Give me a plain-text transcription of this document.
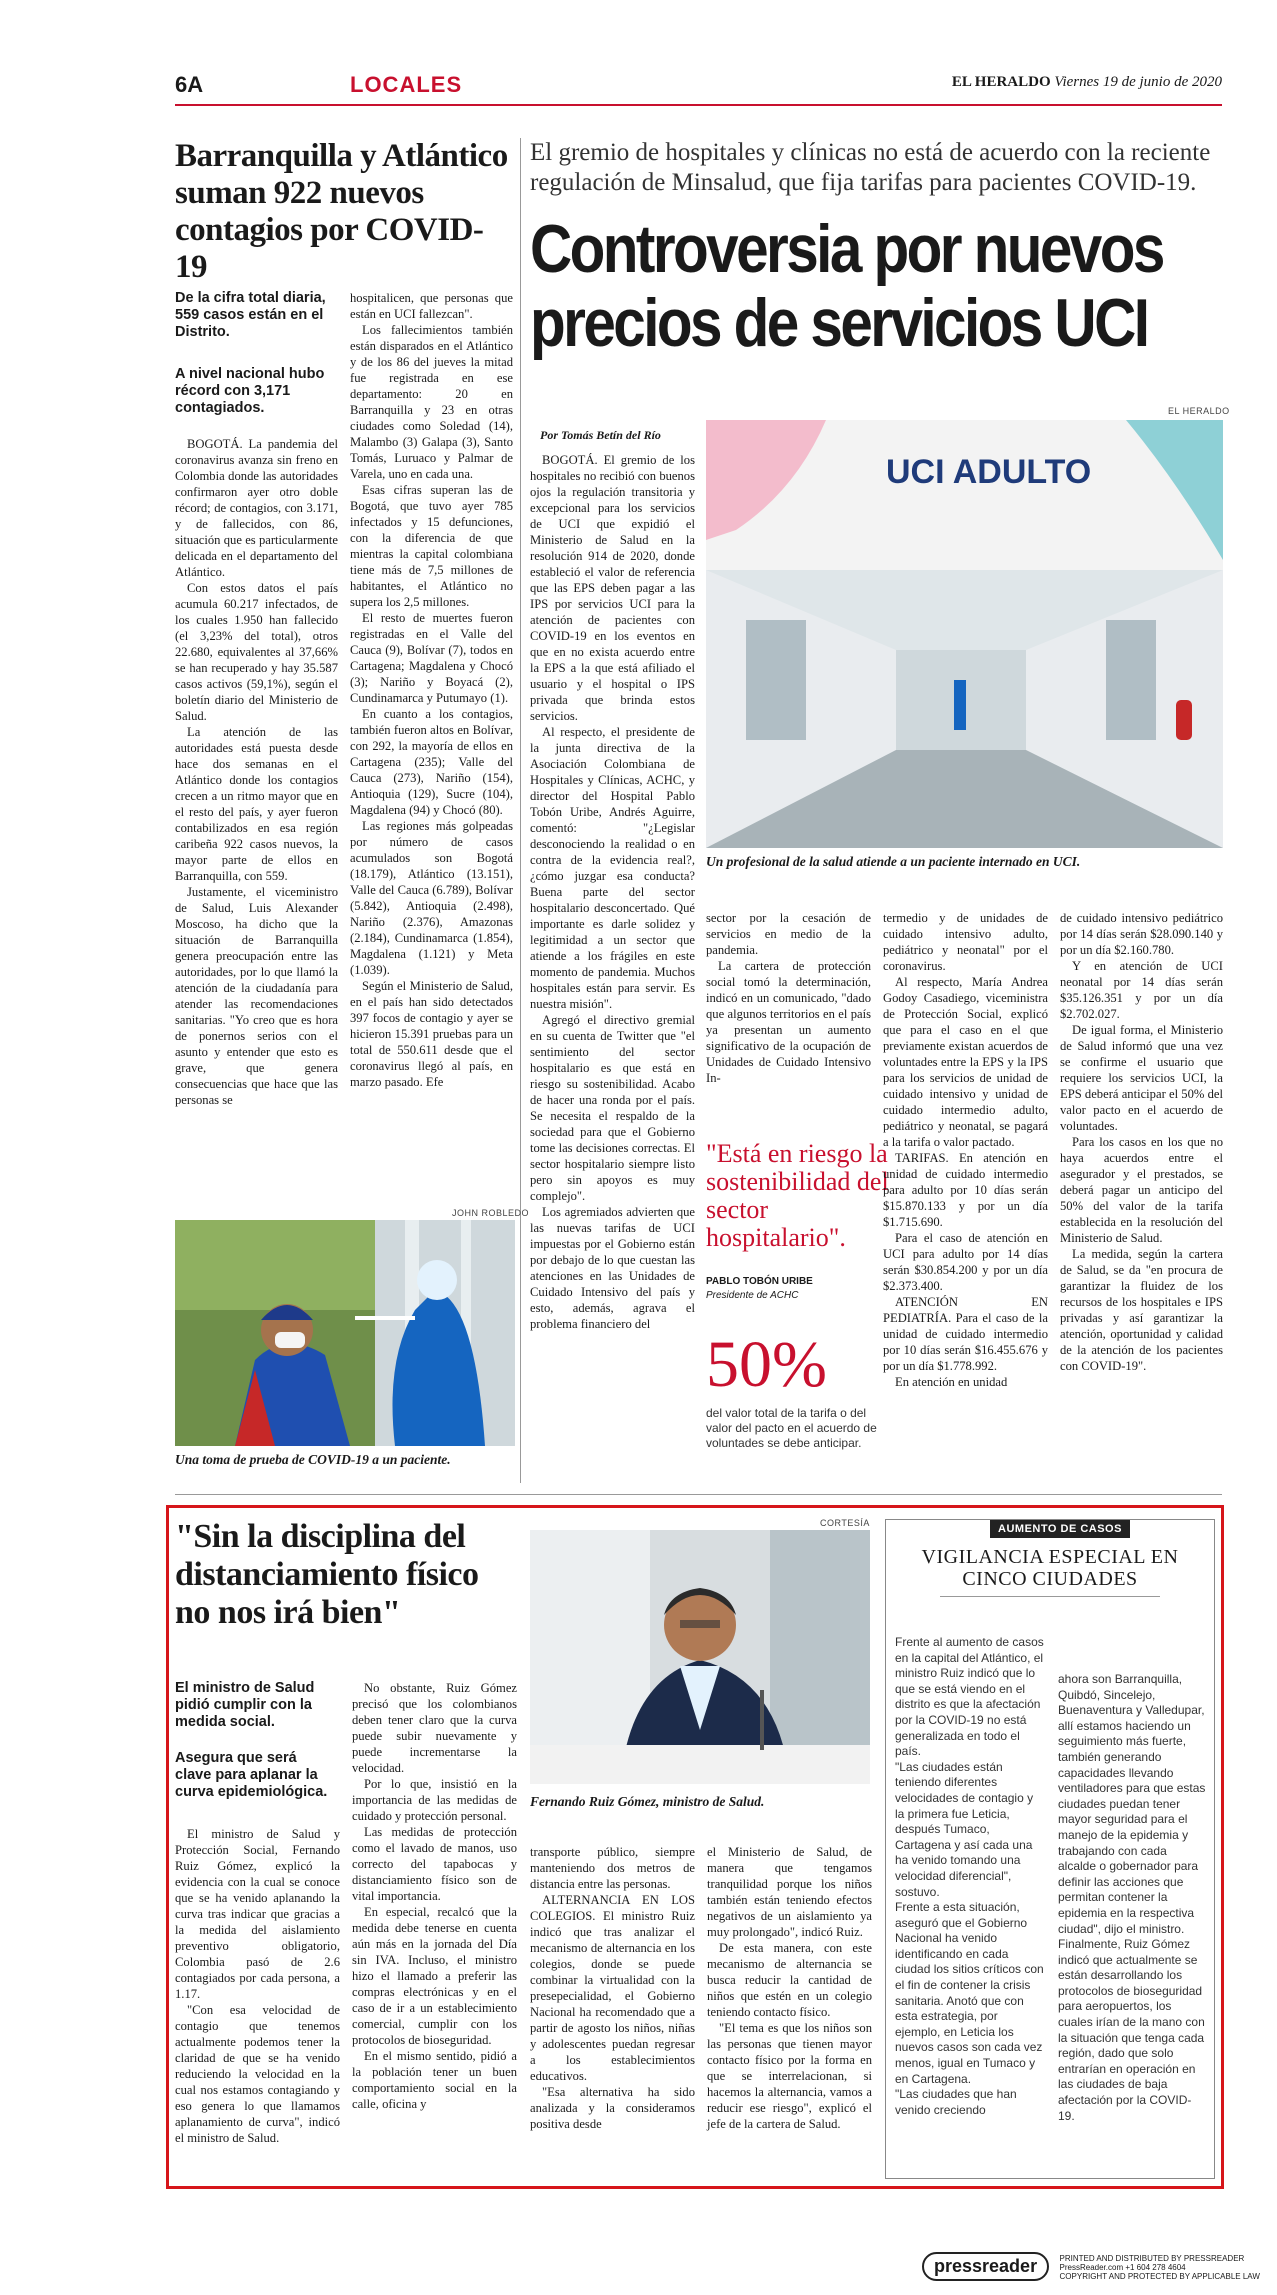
6A	LOCALES	EL HERALDO Viernes 19 de junio de 2020
Barranquilla y Atlántico suman 922 nuevos contagios por COVID-19
De la cifra total diaria, 559 casos están en el Distrito.
A nivel nacional hubo récord con 3,171 contagiados.

BOGOTÁ. La pandemia del coronavirus avanza sin freno en Colombia donde las autoridades confirmaron ayer otro doble récord; de contagios, con 3.171, y de fallecidos, con 86, situación que es particularmente delicada en el departamento del Atlántico.

Con estos datos el país acumula 60.217 infectados, de los cuales 1.950 han fallecido (el 3,23% del total), otros 22.680, equivalentes al 37,66% se han recuperado y hay 35.587 casos activos (59,1%), según el boletín diario del Ministerio de Salud.

La atención de las autoridades está puesta desde hace dos semanas en el Atlántico donde los contagios crecen a un ritmo mayor que en el resto del país, y ayer fueron contabilizados en esa región caribeña 922 casos nuevos, la mayor parte de ellos en Barranquilla, con 559.

Justamente, el viceministro de Salud, Luis Alexander Moscoso, ha dicho que la situación de Barranquilla genera preocupación entre las autoridades, por lo que llamó la atención de la ciudadanía para atender las recomendaciones sanitarias. "Yo creo que es hora de ponernos serios con el asunto y entender que esto es grave, que genera consecuencias que hace que las personas se

hospitalicen, que personas que están en UCI fallezcan".

Los fallecimientos también están disparados en el Atlántico y de los 86 del jueves la mitad fue registrada en ese departamento: 20 en Barranquilla y 23 en otras ciudades como Soledad (14), Malambo (3) Galapa (3), Santo Tomás, Luruaco y Palmar de Varela, uno en cada una.

Esas cifras superan las de Bogotá, que tuvo ayer 785 infectados y 15 defunciones, con la diferencia de que mientras la capital colombiana tiene más de 7,5 millones de habitantes, el Atlántico no supera los 2,5 millones.

El resto de muertes fueron registradas en el Valle del Cauca (9), Bolívar (7), todos en Cartagena; Magdalena y Chocó (3); Nariño y Boyacá (2), Cundinamarca y Putumayo (1).

En cuanto a los contagios, también fueron altos en Bolívar, con 292, la mayoría de ellos en Cartagena (235); Valle del Cauca (273), Nariño (154), Antioquia (129), Sucre (104), Magdalena (94) y Chocó (80).

Las regiones más golpeadas por número de casos acumulados son Bogotá (18.179), Atlántico (13.151), Valle del Cauca (6.789), Bolívar (5.842), Antioquia (2.498), Nariño (2.376), Amazonas (2.184), Cundinamarca (1.854), Magdalena (1.121) y Meta (1.039).

Según el Ministerio de Salud, en el país han sido detectados 397 focos de contagio y ayer se hicieron 15.391 pruebas para un total de 550.611 desde que el coronavirus llegó al país, en marzo pasado. Efe

JOHN ROBLEDO
Una toma de prueba de COVID-19 a un paciente.
El gremio de hospitales y clínicas no está de acuerdo con la reciente regulación de Minsalud, que fija tarifas para pacientes COVID-19.
Controversia por nuevos
precios de servicios UCI
EL HERALDO
Por Tomás Betín del Río
UCI ADULTO
Un profesional de la salud atiende a un paciente internado en UCI.

BOGOTÁ. El gremio de los hospitales no recibió con buenos ojos la regulación transitoria y excepcional para los servicios de UCI que expidió el Ministerio de Salud en la resolución 914 de 2020, donde estableció el valor de referencia que las EPS deben pagar a las IPS por servicios UCI para la atención de pacientes con COVID-19 en los eventos en que en no exista acuerdo entre la EPS a la que está afiliado el usuario y el hospital o IPS privada que brinda estos servicios.

Al respecto, el presidente de la junta directiva de la Asociación Colombiana de Hospitales y Clínicas, ACHC, y director del Hospital Pablo Tobón Uribe, Andrés Aguirre, comentó: "¿Legislar desconociendo la realidad o en contra de la evidencia real?, ¿cómo juzgar esa conducta? Buena parte del sector hospitalario desconcertado. Qué importante es darle solidez y legitimidad a un sector que atiende a los frágiles en este momento de pandemia. Muchos hospitales están para servir. Es nuestra misión".

Agregó el directivo gremial en su cuenta de Twitter que "el sentimiento del sector hospitalario es que está en riesgo su sostenibilidad. Acabo de hacer una ronda por el país. Se necesita el respaldo de la sociedad para que el Gobierno tome las decisiones correctas. El sector hospitalario siempre listo pero sin apoyos es muy complejo".

Los agremiados advierten que las nuevas tarifas de UCI impuestas por el Gobierno están por debajo de lo que cuestan las atenciones en las Unidades de Cuidado Intensivo del país y esto, además, agrava el problema financiero del

sector por la cesación de servicios en medio de la pandemia.

La cartera de protección social tomó la determinación, indicó en un comunicado, "dado que algunos territorios en el país ya presentan un aumento significativo de la ocupación de Unidades de Cuidado Intensivo In-

"Está en riesgo la sostenibilidad del sector hospitalario".
PABLO TOBÓN URIBE
Presidente de ACHC
50%
del valor total de la tarifa o del valor del pacto en el acuerdo de voluntades se debe anticipar.

termedio y de unidades de cuidado intensivo adulto, pediátrico y neonatal" por el coronavirus.

Al respecto, María Andrea Godoy Casadiego, viceministra de Protección Social, explicó que para el caso en el que previamente existan acuerdos de voluntades entre la EPS y la IPS para los servicios de unidad de cuidado intensivo y unidad de cuidado intermedio adulto, pediátrico y neonatal, se pagará a la tarifa o valor pactado.

TARIFAS. En atención en unidad de cuidado intermedio para adulto por 10 días serán $15.870.133 y por un día $1.715.690.

Para el caso de atención en UCI para adulto por 14 días serán $30.854.200 y por un día $2.373.400.

ATENCIÓN EN PEDIATRÍA. Para el caso de la unidad de cuidado intermedio por 10 días serán $16.455.676 y por un día $1.778.992.

En atención en unidad

de cuidado intensivo pediátrico por 14 días serán $28.090.140 y por un día $2.160.780.

Y en atención de UCI neonatal por 14 días serán $35.126.351 y por un día $2.702.027.

De igual forma, el Ministerio de Salud informó que una vez se confirme el usuario que requiere los servicios UCI, la EPS deberá anticipar el 50% del valor pacto en el acuerdo de voluntades.

Para los casos en los que no haya acuerdos entre el asegurador y el prestados, se deberá pagar un anticipo del 50% del valor de la tarifa establecida en la resolución del Ministerio de Salud.

La medida, según la cartera de Salud, se da "en procura de garantizar la fluidez de los recursos de los hospitales e IPS privadas y así garantizar la atención, oportunidad y calidad de la atención de los pacientes con COVID-19".

"Sin la disciplina del distanciamiento físico no nos irá bien"
El ministro de Salud pidió cumplir con la medida social.
Asegura que será clave para aplanar la curva epidemiológica.
CORTESÍA
Fernando Ruiz Gómez, ministro de Salud.

El ministro de Salud y Protección Social, Fernando Ruiz Gómez, explicó la evidencia con la cual se conoce que se ha venido aplanando la curva tras indicar que gracias a la medida del aislamiento preventivo obligatorio, Colombia pasó de 2.6 contagiados por cada persona, a 1.17.

"Con esa velocidad de contagio que tenemos actualmente podemos tener la claridad de que se ha venido reduciendo la velocidad en la cual nos estamos contagiando y eso genera lo que llamamos aplanamiento de curva", indicó el ministro de Salud.

No obstante, Ruiz Gómez precisó que los colombianos deben tener claro que la curva puede subir nuevamente y puede incrementarse la velocidad.

Por lo que, insistió en la importancia de las medidas de cuidado y protección personal.

Las medidas de protección como el lavado de manos, uso correcto del tapabocas y distanciamiento físico son de vital importancia.

En especial, recalcó que la medida debe tenerse en cuenta aún más en la jornada del Día sin IVA. Incluso, el ministro hizo el llamado a preferir las compras electrónicas y en el caso de ir a un establecimiento comercial, cumplir con los protocolos de bioseguridad.

En el mismo sentido, pidió a la población tener un buen comportamiento social en la calle, oficina y

transporte público, siempre manteniendo dos metros de distancia entre las personas.

ALTERNANCIA EN LOS COLEGIOS. El ministro Ruiz indicó que tras analizar el mecanismo de alternancia en los colegios, donde se puede combinar la virtualidad con la presepecialidad, el Gobierno Nacional ha recomendado que a partir de agosto los niños, niñas y adolescentes puedan regresar a los establecimientos educativos.

"Esa alternativa ha sido analizada y la consideramos positiva desde

el Ministerio de Salud, de manera que tengamos tranquilidad porque los niños también están teniendo efectos negativos de un aislamiento ya muy prolongado", indicó Ruiz.

De esta manera, con este mecanismo de alternancia se busca reducir la cantidad de niños que estén en un colegio teniendo contacto físico.

"El tema es que los niños son las personas que tienen mayor contacto físico por la forma en que se interrelacionan, si hacemos la alternancia, vamos a reducir ese riesgo", explicó el jefe de la cartera de Salud.

AUMENTO DE CASOS
VIGILANCIA ESPECIAL EN CINCO CIUDADES

Frente al aumento de casos en la capital del Atlántico, el ministro Ruiz indicó que lo que se está viendo en el distrito es que la afectación por la COVID-19 no está generalizada en todo el país.

"Las ciudades están teniendo diferentes velocidades de contagio y la primera fue Leticia, después Tumaco, Cartagena y así cada una ha venido tomando una velocidad diferencial", sostuvo.

Frente a esta situación, aseguró que el Gobierno Nacional ha venido identificando en cada ciudad los sitios críticos con el fin de contener la crisis sanitaria. Anotó que con esta estrategia, por ejemplo, en Leticia los nuevos casos son cada vez menos, igual en Tumaco y en Cartagena.

"Las ciudades que han venido creciendo

ahora son Barranquilla, Quibdó, Sincelejo, Buenaventura y Valledupar, allí estamos haciendo un seguimiento más fuerte, también generando capacidades llevando ventiladores para que estas ciudades puedan tener mayor seguridad para el manejo de la epidemia y trabajando con cada alcalde o gobernador para definir las acciones que permitan contener la epidemia en la respectiva ciudad", dijo el ministro.

Finalmente, Ruiz Gómez indicó que actualmente se están desarrollando los protocolos de bioseguridad para aeropuertos, los cuales irían de la mano con la situación que tenga cada región, dado que solo entrarían en operación en las ciudades de baja afectación por la COVID-19.

pressreader	PRINTED AND DISTRIBUTED BY PRESSREADER
PressReader.com +1 604 278 4604
COPYRIGHT AND PROTECTED BY APPLICABLE LAW
